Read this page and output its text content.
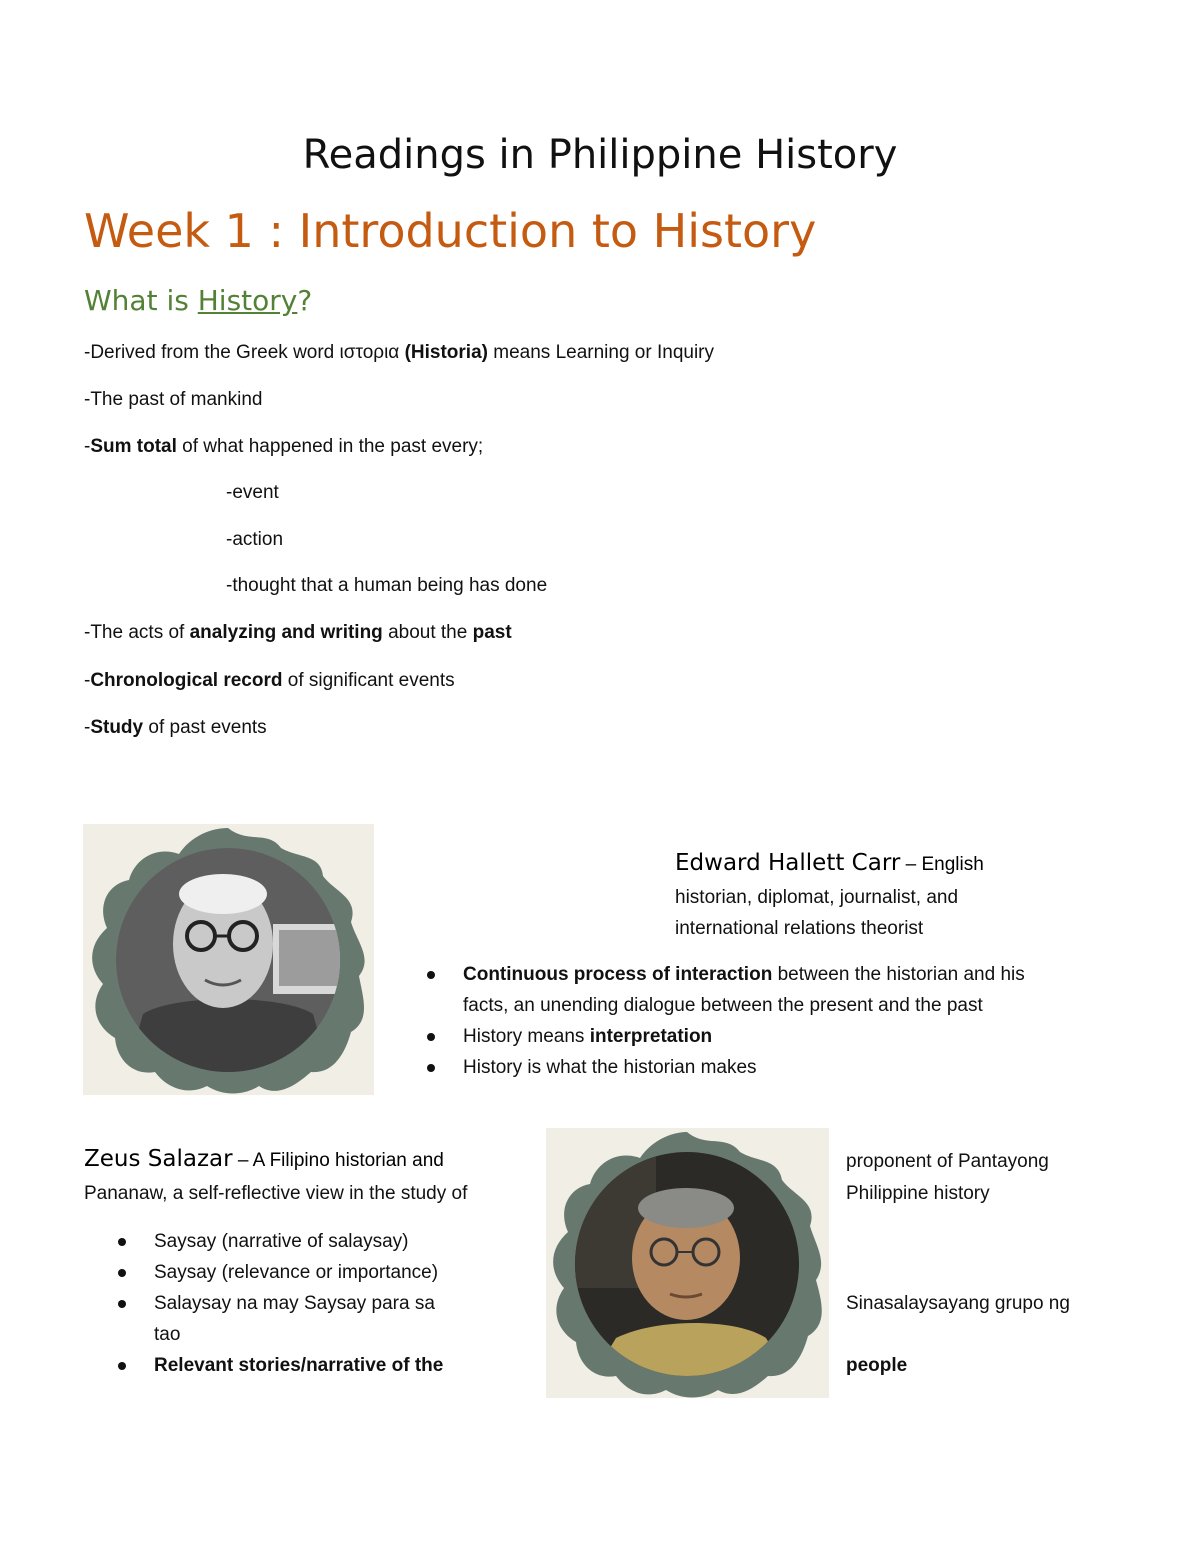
Readings in Philippine History
Week 1 : Introduction to History
What is History?
-Derived from the Greek word ιστορια (Historia) means Learning or Inquiry
-The past of mankind
-Sum total of what happened in the past every;
-event
-action
-thought that a human being has done
-The acts of analyzing and writing about the past
-Chronological record of significant events
-Study of past events
Edward Hallett Carr – English
historian, diplomat, journalist, and
international relations theorist
Continuous process of interaction between the historian and his
facts, an unending dialogue between the present and the past
History means interpretation
History is what the historian makes
Zeus Salazar – A Filipino historian and
Pananaw, a self-reflective view in the study of
Saysay (narrative of salaysay)
Saysay (relevance or importance)
Salaysay na may Saysay para sa
tao
Relevant stories/narrative of the
proponent of Pantayong
Philippine history
Sinasalaysayang grupo ng
people
